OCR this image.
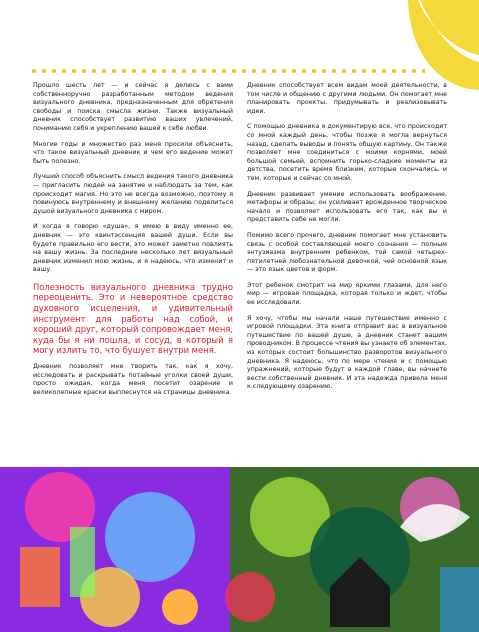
Прошло шесть лет — и сейчас я делюсь с вами собственноручно разработанным методом ведения визуального дневника, предназначенным для обретения свободы и поиска смысла жизни. Также визуальный дневник способствует развитию ваших увлечений, пониманию себя и укреплению вашей к себе любви.

Многие годы и множество раз меня просили объяснить, что такое визуальный дневник и чем его ведение может быть полезно.

Лучший способ объяснить смысл ведения такого дневника — пригласить людей на занятие и наблюдать за тем, как происходит магия. Но это не всегда возможно, поэтому я повинуюсь внутреннему и внешнему желанию поделиться душой визуального дневника с миром.

И когда я говорю «душа», я имею в виду именно ее, дневник — это квинтэссенция вашей души. Если вы будете правильно его вести, это может заметно повлиять на вашу жизнь. За последние несколько лет визуальный дневник изменил мою жизнь, и я надеюсь, что изменит и вашу.

Полезность визуального дневника трудно переоценить. Это и невероятное средство духовного исцеления, и удивительный инструмент для работы над собой, и хороший друг, который сопровождает меня, куда бы я ни пошла, и сосуд, в который я могу излить то, что бушует внутри меня.

Дневник позволяет мне творить так, как я хочу, исследовать и раскрывать потайные уголки своей души, просто ожидая, когда меня посетит озарение и великолепные краски выплеснутся на страницы дневника.

Дневник способствует всем видам моей деятельности, в том числе и общению с другими людьми. Он помогает мне планировать проекты, придумывать и реализовывать идеи.

С помощью дневника я документирую все, что происходит со мной каждый день, чтобы позже я могла вернуться назад, сделать выводы и понять общую картину. Он также позволяет мне соединиться с моими корнями, моей большой семьей, вспомнить горько-сладкие моменты из детства, посетить время близким, которые скончались, и тем, которые и сейчас со мной.

Дневник развивает умение использовать воображение, метафоры и образы; он усиливает врожденное творческое начало и позволяет использовать его так, как вы и представить себе не могли.

Помимо всего прочего, дневник помогает мне установить связь с особой составляющей моего сознания — полным энтузиазма внутренним ребенком, той самой четырех-пятилетней любознательной девочкой, чей основной язык — это язык цветов и форм.

Этот ребенок смотрит на мир яркими глазами, для него мир — игровая площадка, которая только и ждет, чтобы ее исследовали.

Я хочу, чтобы мы начали наше путешествие именно с игровой площадки. Эта книга отправит вас в визуальное путешествие по вашей душе, а дневник станет вашим проводником. В процессе чтения вы узнаете об элементах, из которых состоит большинство разворотов визуального дневника. Я надеюсь, что по мере чтения и с помощью упражнений, которые будут в каждой главе, вы начнете вести собственный дневник. И эта надежда привела меня к следующему озарению.
